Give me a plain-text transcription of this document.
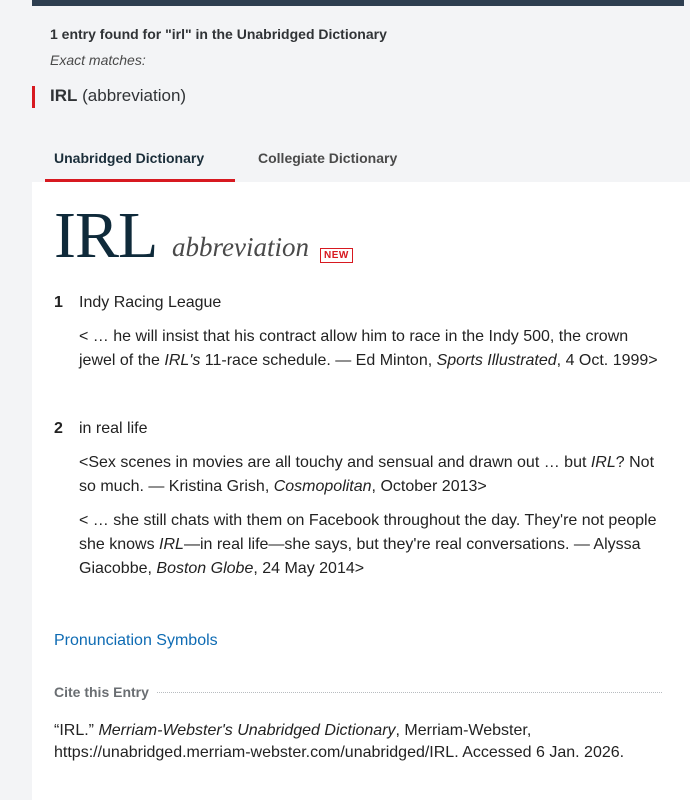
1 entry found for "irl" in the Unabridged Dictionary
Exact matches:
IRL (abbreviation)
Unabridged Dictionary	Collegiate Dictionary
IRL abbreviation	NEW
1 Indy Racing League
< … he will insist that his contract allow him to race in the Indy 500, the crown jewel of the IRL's 11-race schedule. — Ed Minton, Sports Illustrated, 4 Oct. 1999>
2 in real life
<Sex scenes in movies are all touchy and sensual and drawn out … but IRL? Not so much. — Kristina Grish, Cosmopolitan, October 2013>
< … she still chats with them on Facebook throughout the day. They're not people she knows IRL—in real life—she says, but they're real conversations. — Alyssa Giacobbe, Boston Globe, 24 May 2014>
Pronunciation Symbols
Cite this Entry
“IRL.” Merriam-Webster's Unabridged Dictionary, Merriam-Webster, https://unabridged.merriam-webster.com/unabridged/IRL. Accessed 6 Jan. 2026.
